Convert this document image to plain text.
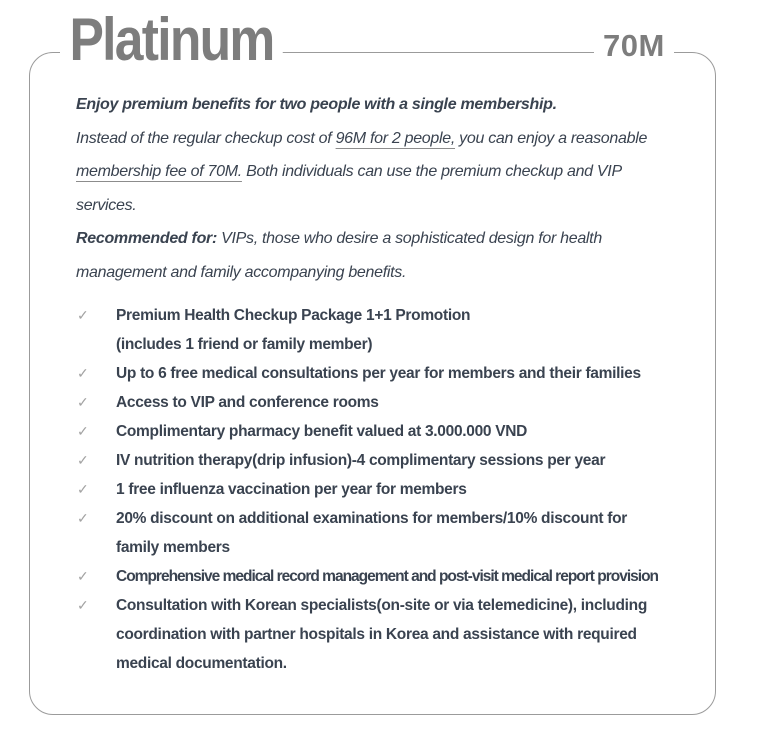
Platinum	70M

Enjoy premium benefits for two people with a single membership.

Instead of the regular checkup cost of 96M for 2 people, you can enjoy a reasonable

membership fee of 70M. Both individuals can use the premium checkup and VIP

services.

Recommended for: VIPs, those who desire a sophisticated design for health

management and family accompanying benefits.

✓ Premium Health Checkup Package 1+1 Promotion
(includes 1 friend or family member)
✓ Up to 6 free medical consultations per year for members and their families
✓ Access to VIP and conference rooms
✓ Complimentary pharmacy benefit valued at 3.000.000 VND
✓ IV nutrition therapy(drip infusion)-4 complimentary sessions per year
✓ 1 free influenza vaccination per year for members
✓ 20% discount on additional examinations for members/10% discount for
family members
✓ Comprehensive medical record management and post-visit medical report provision
✓ Consultation with Korean specialists(on-site or via telemedicine), including
coordination with partner hospitals in Korea and assistance with required
medical documentation.
